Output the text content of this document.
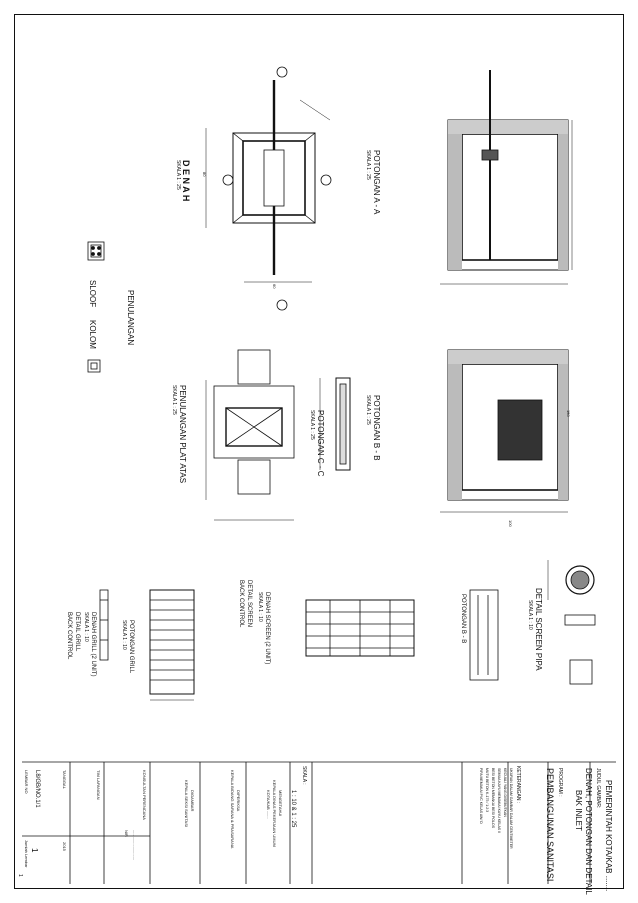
D E N A H
SKALA 1 : 25	POTONGAN A - A
SKALA 1 : 25
PENULANGAN
SLOOF
KOLOM
PENULANGAN PLAT ATAS
SKALA 1 : 25
POTONGAN C - C
SKALA 1 : 25	POTONGAN B - B
SKALA 1 : 25
DETAIL SCREEN PIPA
SKALA 1 : 10
POTONGAN B - B
DENAH SCREEN (2 UNIT)
SKALA 1 : 10
DETAIL SCREEN
BACK CONTROL
POTONGAN GRILL
SKALA 1 : 10
DENAH GRILL (2 UNIT)
SKALA 1 : 10
DETAIL GRILL
BACK CONTROL
150
100
80
60
PEMERINTAH KOTA/KAB .......
JUDUL GAMBAR:
DENAH, POTONGAN DAN DETAIL
BAK INLET
PROGRAM :
PEMBANGUNAN SANITASI
KETERANGAN :
UKURAN DALAM GAMBAR DALAM CENTIMETER
KECUALI YANG DISEBUTKAN
SEMUA KAYU MEMAKAI KAYU KELAS II
BESI BETON MEMAKAI BESI POLOS
MUTU BETON K-175 / 1:2:3
PIPA MEMAKAI PVC KELAS AW/ D
SKALA :
1 : 10 & 1 : 25
MENGETAHUI
KEPALA DINAS PEKERJAAN UMUM
KOTA/KAB .......
DIPERIKSA
KEPALA BIDANG SARANA & PRASARANA
DIGAMBAR
KEPALA SEKSI SANITASI
KONSULTAN PERENCANA
...........................
NIP.
TIM LAPANGAN
TANGGAL
2015
L8/GB/NO.1/1
1
LEMBAR NO
Jumlah Lembar
1
